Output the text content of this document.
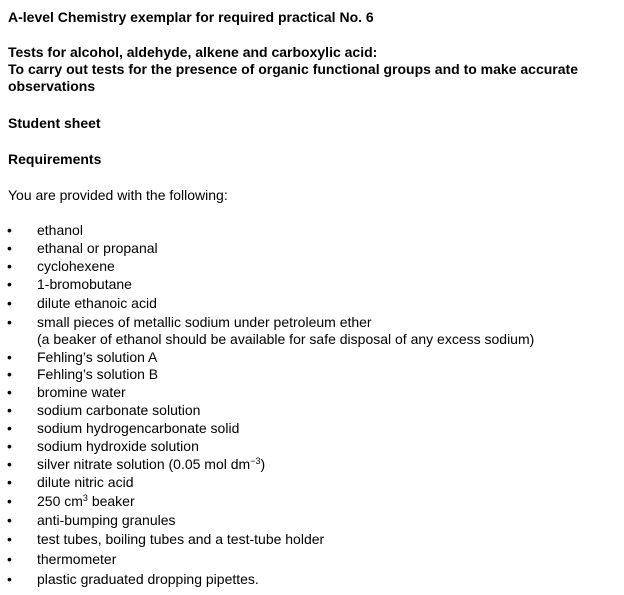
A-level Chemistry exemplar for required practical No. 6
Tests for alcohol, aldehyde, alkene and carboxylic acid:
To carry out tests for the presence of organic functional groups and to make accurate
observations
Student sheet
Requirements
You are provided with the following:
• ethanol
• ethanal or propanal
• cyclohexene
• 1-bromobutane
• dilute ethanoic acid
• small pieces of metallic sodium under petroleum ether
(a beaker of ethanol should be available for safe disposal of any excess sodium)
• Fehling’s solution A
• Fehling’s solution B
• bromine water
• sodium carbonate solution
• sodium hydrogencarbonate solid
• sodium hydroxide solution
• silver nitrate solution (0.05 mol $dm^{-3}$)
• dilute nitric acid
• 250 $cm^3$ beaker
• anti-bumping granules
• test tubes, boiling tubes and a test-tube holder
• thermometer
• plastic graduated dropping pipettes.
